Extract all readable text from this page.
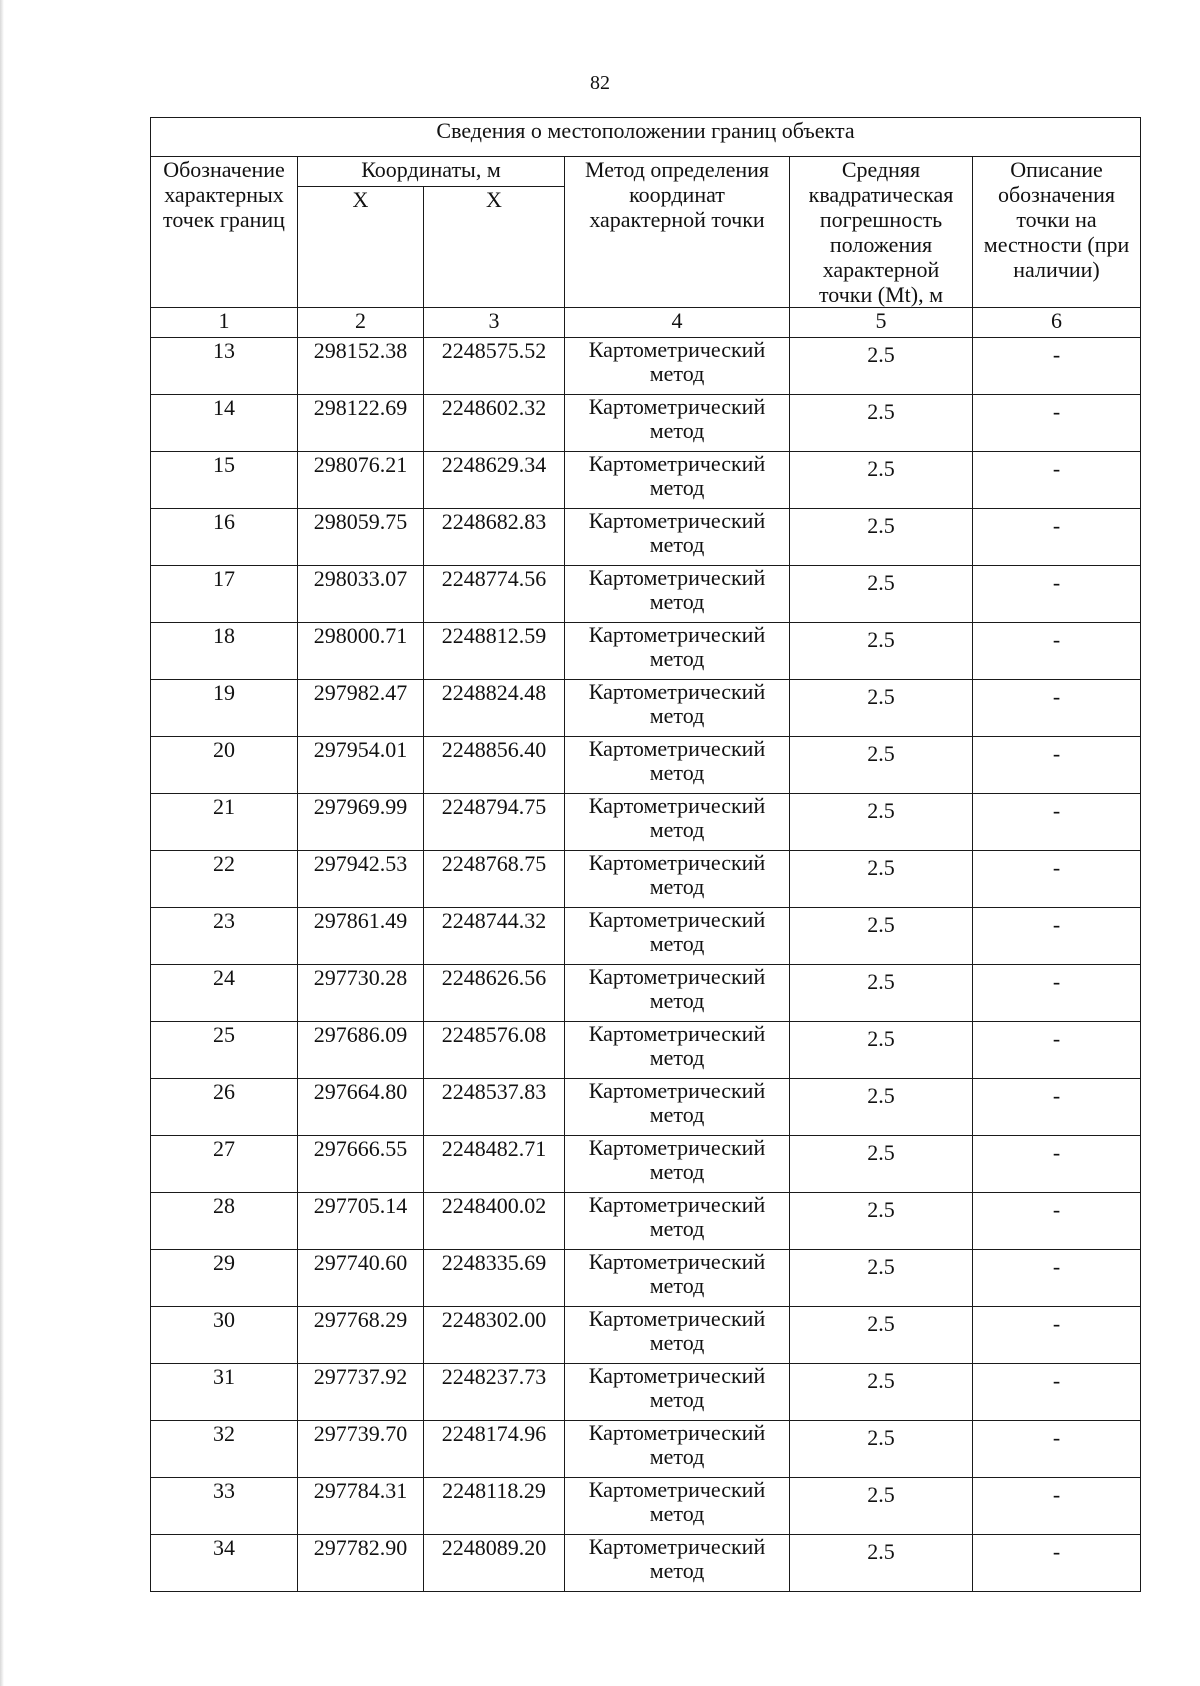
82
Сведения о местоположении границ объекта					
Обозначение характерных точек границ	Координаты, м		Метод определения координат характерной точки	Средняя квадратическая погрешность положения характерной точки (Mt), м	Описание обозначения точки на местности (при наличии)
	X	X			
1	2	3	4	5	6
13	298152.38	2248575.52	Картометрический метод	2.5	-
14	298122.69	2248602.32	Картометрический метод	2.5	-
15	298076.21	2248629.34	Картометрический метод	2.5	-
16	298059.75	2248682.83	Картометрический метод	2.5	-
17	298033.07	2248774.56	Картометрический метод	2.5	-
18	298000.71	2248812.59	Картометрический метод	2.5	-
19	297982.47	2248824.48	Картометрический метод	2.5	-
20	297954.01	2248856.40	Картометрический метод	2.5	-
21	297969.99	2248794.75	Картометрический метод	2.5	-
22	297942.53	2248768.75	Картометрический метод	2.5	-
23	297861.49	2248744.32	Картометрический метод	2.5	-
24	297730.28	2248626.56	Картометрический метод	2.5	-
25	297686.09	2248576.08	Картометрический метод	2.5	-
26	297664.80	2248537.83	Картометрический метод	2.5	-
27	297666.55	2248482.71	Картометрический метод	2.5	-
28	297705.14	2248400.02	Картометрический метод	2.5	-
29	297740.60	2248335.69	Картометрический метод	2.5	-
30	297768.29	2248302.00	Картометрический метод	2.5	-
31	297737.92	2248237.73	Картометрический метод	2.5	-
32	297739.70	2248174.96	Картометрический метод	2.5	-
33	297784.31	2248118.29	Картометрический метод	2.5	-
34	297782.90	2248089.20	Картометрический метод	2.5	-
